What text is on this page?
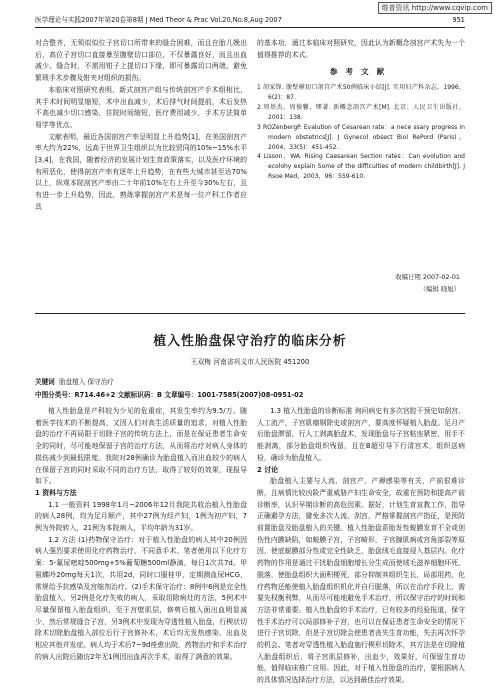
维普资讯 http://www.cqvip.com
医学理论与实践2007年第20卷第8期 J Med Theor & Prac Vol.20,No.8,Aug 2007	951

对合整齐，无须似似位子宫切口所带来的缝合困难，而且在胎儿娩出后，高位子宫切口直接暴至腹壁切口部位，不仅暴露良好，而且出血减少。缝合时，不需用钳子上提切口下缘，即可暴露切口两端，避免繁琐手术步骤及钳夹对组织的损伤。

本临床对照研究表明，新式剖宫产组与传统剖宫产手术组相比，其手术时间明显缩短，术中出血减少，术后排气时间提前，术后发热不高也减少切口感染，住院时间缩短，医疗费用减少，手术方法简单易学等优点。

文献表明，最近各国剖宫产率呈明显上升趋势[1]，在美国剖宫产率大约为22%，远高于世界卫生组织以为比较贸同的10%~15%水平[3,4]，在我国，随着经济的发展计划生育政策落实，以及医疗环境的有所恶化，使得剖宫产率有逐年上升趋势，在有些大城市甚至达70%以上，纵观本院剖宫产率由二十年前10%左右上升至今30%左右，且有进一步上升趋势，因此，熟练掌握剖宫产术是每一位产科工作者应具

的基本功，通过本临床对照研究，因此认为新概念剖宫产术失为一个值得推荐的术式。

参考文献

1 胡家锋. 腹壁横切口剖宫产术50例临床小结[J]. 实用妇产科杂志，1996，6(2)：87.

2 周基杰，周俊馨，缪著. 新概念剖宫产术[M]. 北京：人民卫生出版社，2001：138.

3 ROZenbergP. Evalution of Cesarean rate：a nece ssary progress in modern obstetrics[J]. J Gynecol obsect Biol RePord (Paris)，2004，33(5)：451-452.

4 Lisson，WA. Rising Caesarean Section rates：Can evolution and ecolohy explain Some of the difficulties of modern childbirth[J]. J Rsoe Med，2003，96：559-610.

收稿日期 2007-02-01
（编辑 晓旭）
植入性胎盘保守治疗的临床分析
王双梅 河南省巩义市人民医院 451200
关键词 胎盘植入 保守治疗
中图分类号：R714.46+2 文献标识码：B 文章编号：1001-7585(2007)08-0951-02

植入性胎盘是产科较为少见的危重症，其发生率约为9.5/万。随着医学技术的不断提高，又因人们对高生活质量的追求，对植入性胎盘的治疗不再局限于切除子宫的传统方法上，而是在保证患者生命安全的同时，尽可能地保留子宫的治疗方法，从而将治疗对病人身体的损伤减少到最低限度。我院对28例确诊为胎盘植入而出血较少的病人在保留子宫的同时采取不同的治疗方法，取得了较好的效果，现报导如下。

1 资料与方法

1.1 一般资料 1998年1月~2006年12月我院共收治植入性胎盘的病人28例，均为足月顺产，其中27例为经产妇，1例为初产妇，7例为外院转入，21例为本院病人，平均年龄为31岁。

1.2 方法 (1)药物保守治疗：对于植入性胎盘的病人其中20例因病人强烈要求使用化疗药物治疗，不同意手术。笔者使用以下化疗方案：5-氟尿嘧啶500mg+5%葡萄糖500ml静滴，每日1次共7d。甲氨蝶呤20mg每天1次，共用2d，同时口服桂甲，定期测血尿HCG，常规给予抗感染及宫缩剂治疗。(2)手术保守治疗：8例中6例是完全性胎盘植入，另2例是化疗失败的病人，采取切除病灶的方法，5例术中尽量保留植入胎盘组织，至于宫壁肌层，修剪后植入面出血明显减少，然后常规缝合子宫，另3例术中发现为穿透性植入胎盘，行楔状切除术切除胎盘植入部位后行子宫修补术，术后均无发热感染、出血及相应其他并发症。病人均于术后7~9d痊愈出院，药物治疗和手术治疗的病人出院后随访2年无1例因出血再次手术，取得了满意的效果。

1.3 植入性胎盘的诊断标准 询问病史有多次宫腔干预史如刮宫、人工流产，子宫肌瘤剔除史或剖宫产，要高度怀疑植入胎盘。足月产后胎盘滞留，行人工剥离胎盘术，发现胎盘与子宫粘连紧密，用手不能剥离，部分胎盘组织残留，且在B超引导下行清宫术，组织送病检，确诊为胎盘植入。

2 讨论

胎盘植入主要与人流、剖宫产、产褥感染等有关，产前很难诊断，且病情比较凶险严重威胁产妇生命安全，故重在预防和提高产前诊断率，认识早期诊断的高危因素。据好，计划生育宣教工作，指导正确避孕方法，避免多次人流、刮宫，严格掌握剖宫产指征，是预防前置胎盘及胎盘植入的关键。植入性胎盘系胎发性蜕膜发育不全或创伤性内膜缺陷，如蜕膜子宫，子宫畸形，子宫腺肌病或宫角部裂等原因，使底蜕膜部分性或完全性缺乏，胎盘绒毛直接侵入基层内。化疗药物的作用是通过干扰胎盘细胞增长分生成而使绒毛滋养细胞坏死、脱落，使胎盘组织大面积梗死，部分抑制其组织生长，局部用药，化疗药物还能使植入胎盘组织机化并自行脱落，所以在治疗手段上，需要先权衡利弊，从而尽可能地避免手术治疗，所以保守治疗的时间和方法非常重要。植入性胎盘的手术治疗，已有较多的经验报道，保守性手术治疗可以局部修补子宫，也可以在保证患者生命安全的情况下进行子宫切除，但是子宫切除会使患者丧失生育功能，失去再次怀孕的机会。笔者对穿透性植入胎盘施行楔形切除术，其方法是在切除植入胎盘组织后，将子宫肌层修补，出血少，效果好，可保留生育功能，值得临床推广应用。因此，对于植入性胎盘的治疗，要根据病人的具体情况选择治疗方法，以达到最佳治疗效果。
